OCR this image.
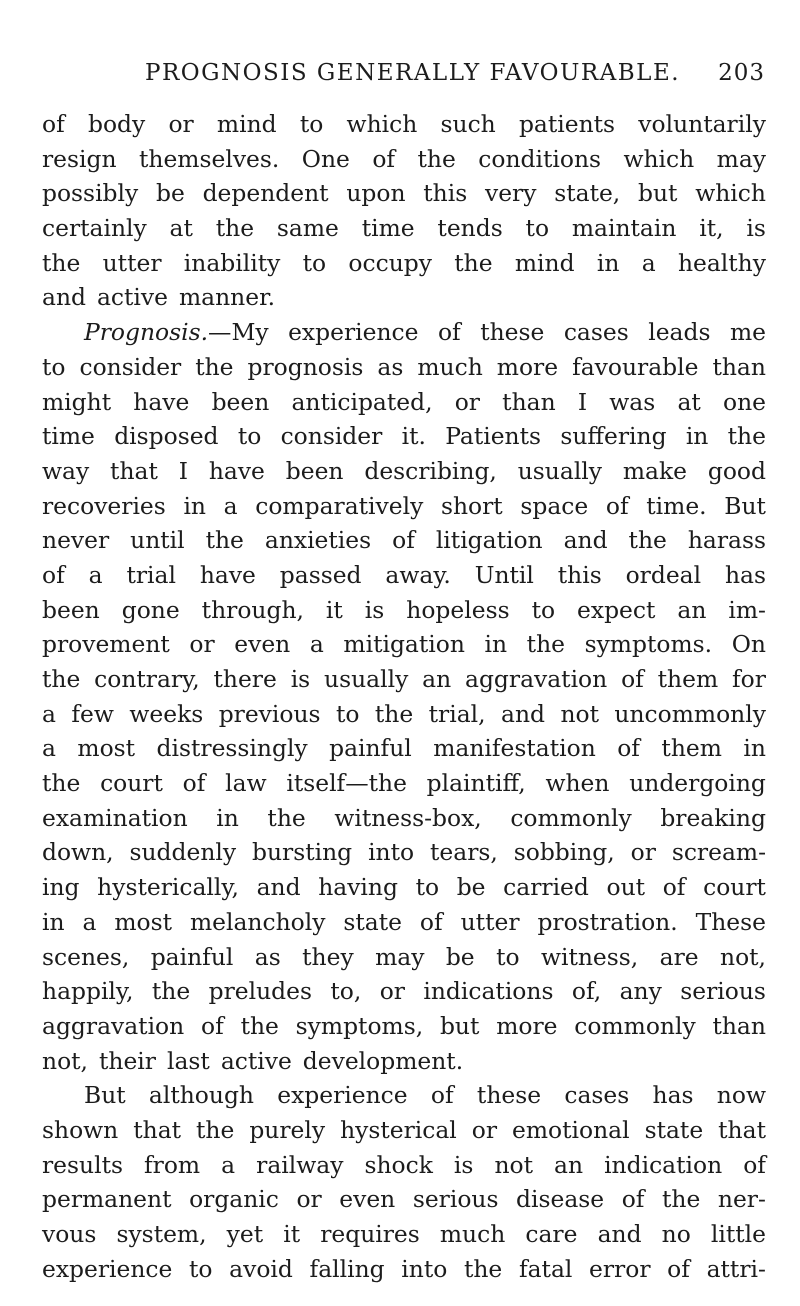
PROGNOSIS GENERALLY FAVOURABLE. 203
of body or mind to which such patients voluntarily
resign themselves. One of the conditions which may
possibly be dependent upon this very state, but which
certainly at the same time tends to maintain it, is
the utter inability to occupy the mind in a healthy
and active manner.
Prognosis.—My experience of these cases leads me
to consider the prognosis as much more favourable than
might have been anticipated, or than I was at one
time disposed to consider it. Patients suffering in the
way that I have been describing, usually make good
recoveries in a comparatively short space of time. But
never until the anxieties of litigation and the harass
of a trial have passed away. Until this ordeal has
been gone through, it is hopeless to expect an im-
provement or even a mitigation in the symptoms. On
the contrary, there is usually an aggravation of them for
a few weeks previous to the trial, and not uncommonly
a most distressingly painful manifestation of them in
the court of law itself—the plaintiff, when undergoing
examination in the witness-box, commonly breaking
down, suddenly bursting into tears, sobbing, or scream-
ing hysterically, and having to be carried out of court
in a most melancholy state of utter prostration. These
scenes, painful as they may be to witness, are not,
happily, the preludes to, or indications of, any serious
aggravation of the symptoms, but more commonly than
not, their last active development.
But although experience of these cases has now
shown that the purely hysterical or emotional state that
results from a railway shock is not an indication of
permanent organic or even serious disease of the ner-
vous system, yet it requires much care and no little
experience to avoid falling into the fatal error of attri-
